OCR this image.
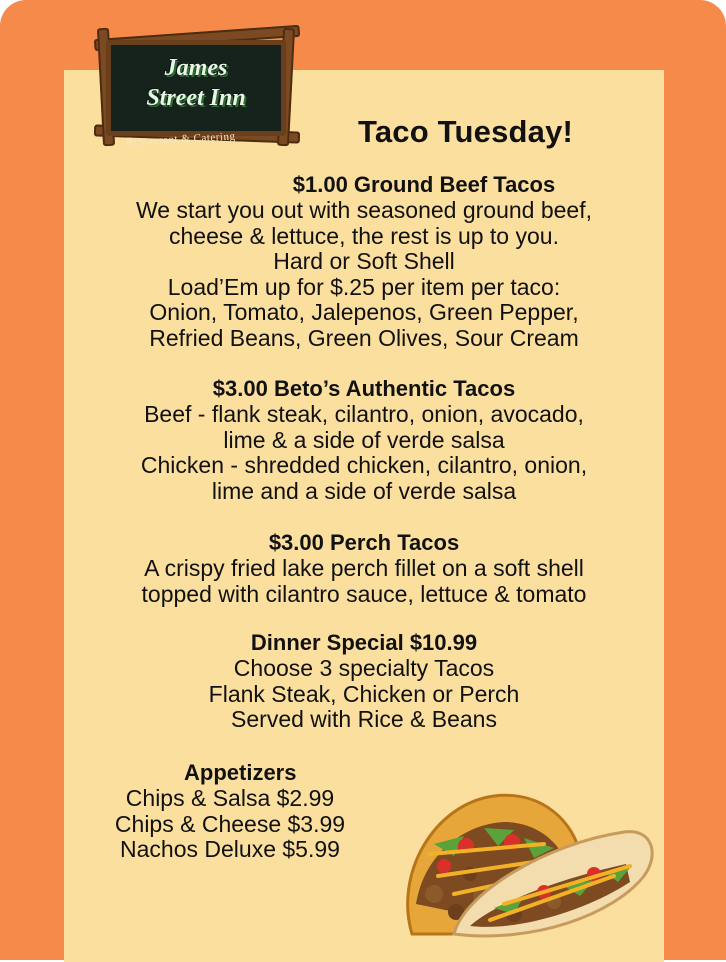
James
Street Inn
Restaurant & Catering	Taco Tuesday!

$1.00 Ground Beef Tacos

We start you out with seasoned ground beef,

cheese & lettuce, the rest is up to you.

Hard or Soft Shell

Load’Em up for $.25 per item per taco:

Onion, Tomato, Jalepenos, Green Pepper,

Refried Beans, Green Olives, Sour Cream

$3.00 Beto’s Authentic Tacos

Beef - flank steak, cilantro, onion, avocado,

lime & a side of verde salsa

Chicken - shredded chicken, cilantro, onion,

lime and a side of verde salsa

$3.00 Perch Tacos

A crispy fried lake perch fillet on a soft shell

topped with cilantro sauce, lettuce & tomato

Dinner Special $10.99

Choose 3 specialty Tacos

Flank Steak, Chicken or Perch

Served with Rice & Beans

Appetizers

Chips & Salsa $2.99

Chips & Cheese $3.99

Nachos Deluxe $5.99
